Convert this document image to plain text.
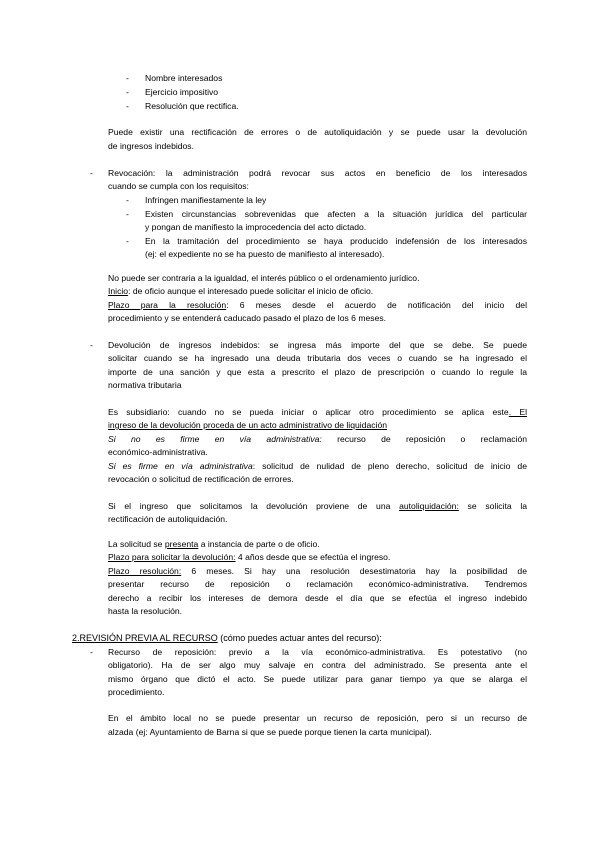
- Nombre interesados
- Ejercicio impositivo
- Resolución que rectifica.
Puede existir una rectificación de errores o de autoliquidación y se puede usar la devolución
de ingresos indebidos.
- Revocación: la administración podrá revocar sus actos en beneficio de los interesados
cuando se cumpla con los requisitos:
- Infringen manifiestamente la ley
- Existen circunstancias sobrevenidas que afecten a la situación jurídica del particular
y pongan de manifiesto la improcedencia del acto dictado.
- En la tramitación del procedimiento se haya producido indefensión de los interesados
(ej: el expediente no se ha puesto de manifiesto al interesado).
No puede ser contraria a la igualdad, el interés público o el ordenamiento jurídico.
Inicio: de oficio aunque el interesado puede solicitar el inicio de oficio.
Plazo para la resolución: 6 meses desde el acuerdo de notificación del inicio del
procedimiento y se entenderá caducado pasado el plazo de los 6 meses.
- Devolución de ingresos indebidos: se ingresa más importe del que se debe. Se puede
solicitar cuando se ha ingresado una deuda tributaria dos veces o cuando se ha ingresado el
importe de una sanción y que esta a prescrito el plazo de prescripción o cuando lo regule la
normativa tributaria
Es subsidiario: cuando no se pueda iniciar o aplicar otro procedimiento se aplica este. El
ingreso de la devolución proceda de un acto administrativo de liquidación
Si no es firme en vía administrativa: recurso de reposición o reclamación
económico-administrativa.
Si es firme en vía administrativa: solicitud de nulidad de pleno derecho, solicitud de inicio de
revocación o solicitud de rectificación de errores.
Si el ingreso que solicitamos la devolución proviene de una autoliquidación: se solicita la
rectificación de autoliquidación.
La solicitud se presenta a instancia de parte o de oficio.
Plazo para solicitar la devolución: 4 años desde que se efectúa el ingreso.
Plazo resolución: 6 meses. Si hay una resolución desestimatoria hay la posibilidad de
presentar recurso de reposición o reclamación económico-administrativa. Tendremos
derecho a recibir los intereses de demora desde el día que se efectúa el ingreso indebido
hasta la resolución.
2.REVISIÓN PREVIA AL RECURSO (cómo puedes actuar antes del recurso):
- Recurso de reposición: previo a la vía económico-administrativa. Es potestativo (no
obligatorio). Ha de ser algo muy salvaje en contra del administrado. Se presenta ante el
mismo órgano que dictó el acto. Se puede utilizar para ganar tiempo ya que se alarga el
procedimiento.
En el ámbito local no se puede presentar un recurso de reposición, pero si un recurso de
alzada (ej: Ayuntamiento de Barna si que se puede porque tienen la carta municipal).
